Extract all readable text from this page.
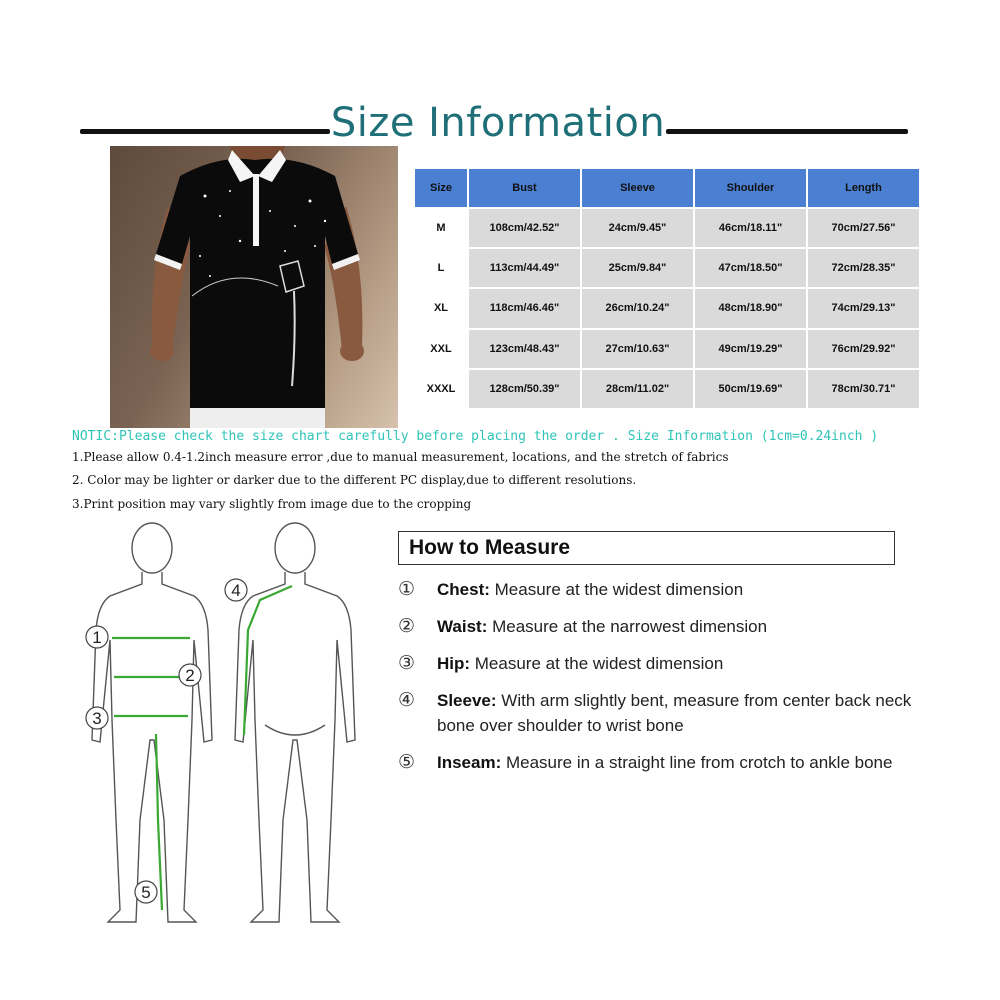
Size Information
Size	Bust	Sleeve	Shoulder	Length
M	108cm/42.52"	24cm/9.45"	46cm/18.11"	70cm/27.56"
L	113cm/44.49"	25cm/9.84"	47cm/18.50"	72cm/28.35"
XL	118cm/46.46"	26cm/10.24"	48cm/18.90"	74cm/29.13"
XXL	123cm/48.43"	27cm/10.63"	49cm/19.29"	76cm/29.92"
XXXL	128cm/50.39"	28cm/11.02"	50cm/19.69"	78cm/30.71"
NOTIC:Please check the size chart carefully before placing the order . Size Information (1cm=0.24inch )
1.Please allow 0.4-1.2inch measure error ,due to manual measurement, locations, and the stretch of fabrics
2. Color may be lighter or darker due to the different PC display,due to different resolutions.
3.Print position may vary slightly from image due to the cropping
1
2
3
4
5
How to Measure
①	Chest: Measure at the widest dimension
②	Waist: Measure at the narrowest dimension
③	Hip: Measure at the widest dimension
④	Sleeve: With arm slightly bent, measure from center back neck bone over shoulder to wrist bone
⑤	Inseam: Measure in a straight line from crotch to ankle bone
